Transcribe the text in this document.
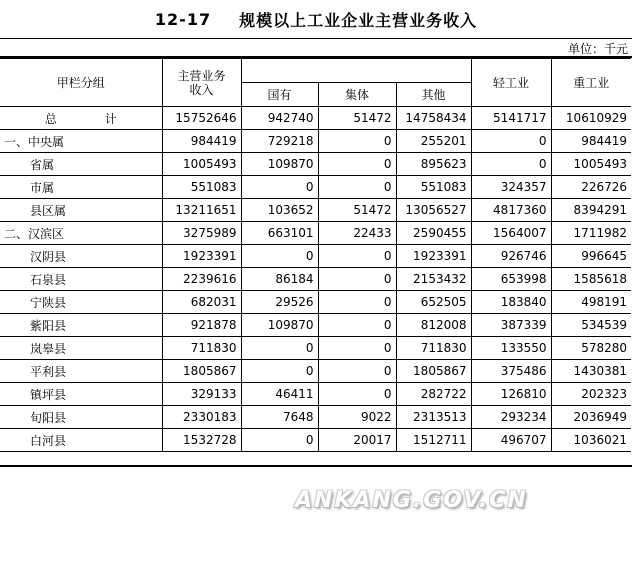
12-17 规模以上工业企业主营业务收入
单位：千元
甲栏分组	主营业务收入				轻工业	重工业
		国有	集体	其他		
总　　　　计	15752646	942740	51472	14758434	5141717	10610929
一、中央属	984419	729218	0	255201	0	984419
省属	1005493	109870	0	895623	0	1005493
市属	551083	0	0	551083	324357	226726
县区属	13211651	103652	51472	13056527	4817360	8394291
二、汉滨区	3275989	663101	22433	2590455	1564007	1711982
汉阴县	1923391	0	0	1923391	926746	996645
石泉县	2239616	86184	0	2153432	653998	1585618
宁陕县	682031	29526	0	652505	183840	498191
紫阳县	921878	109870	0	812008	387339	534539
岚皋县	711830	0	0	711830	133550	578280
平利县	1805867	0	0	1805867	375486	1430381
镇坪县	329133	46411	0	282722	126810	202323
旬阳县	2330183	7648	9022	2313513	293234	2036949
白河县	1532728	0	20017	1512711	496707	1036021
ANKANG.GOV.CN
